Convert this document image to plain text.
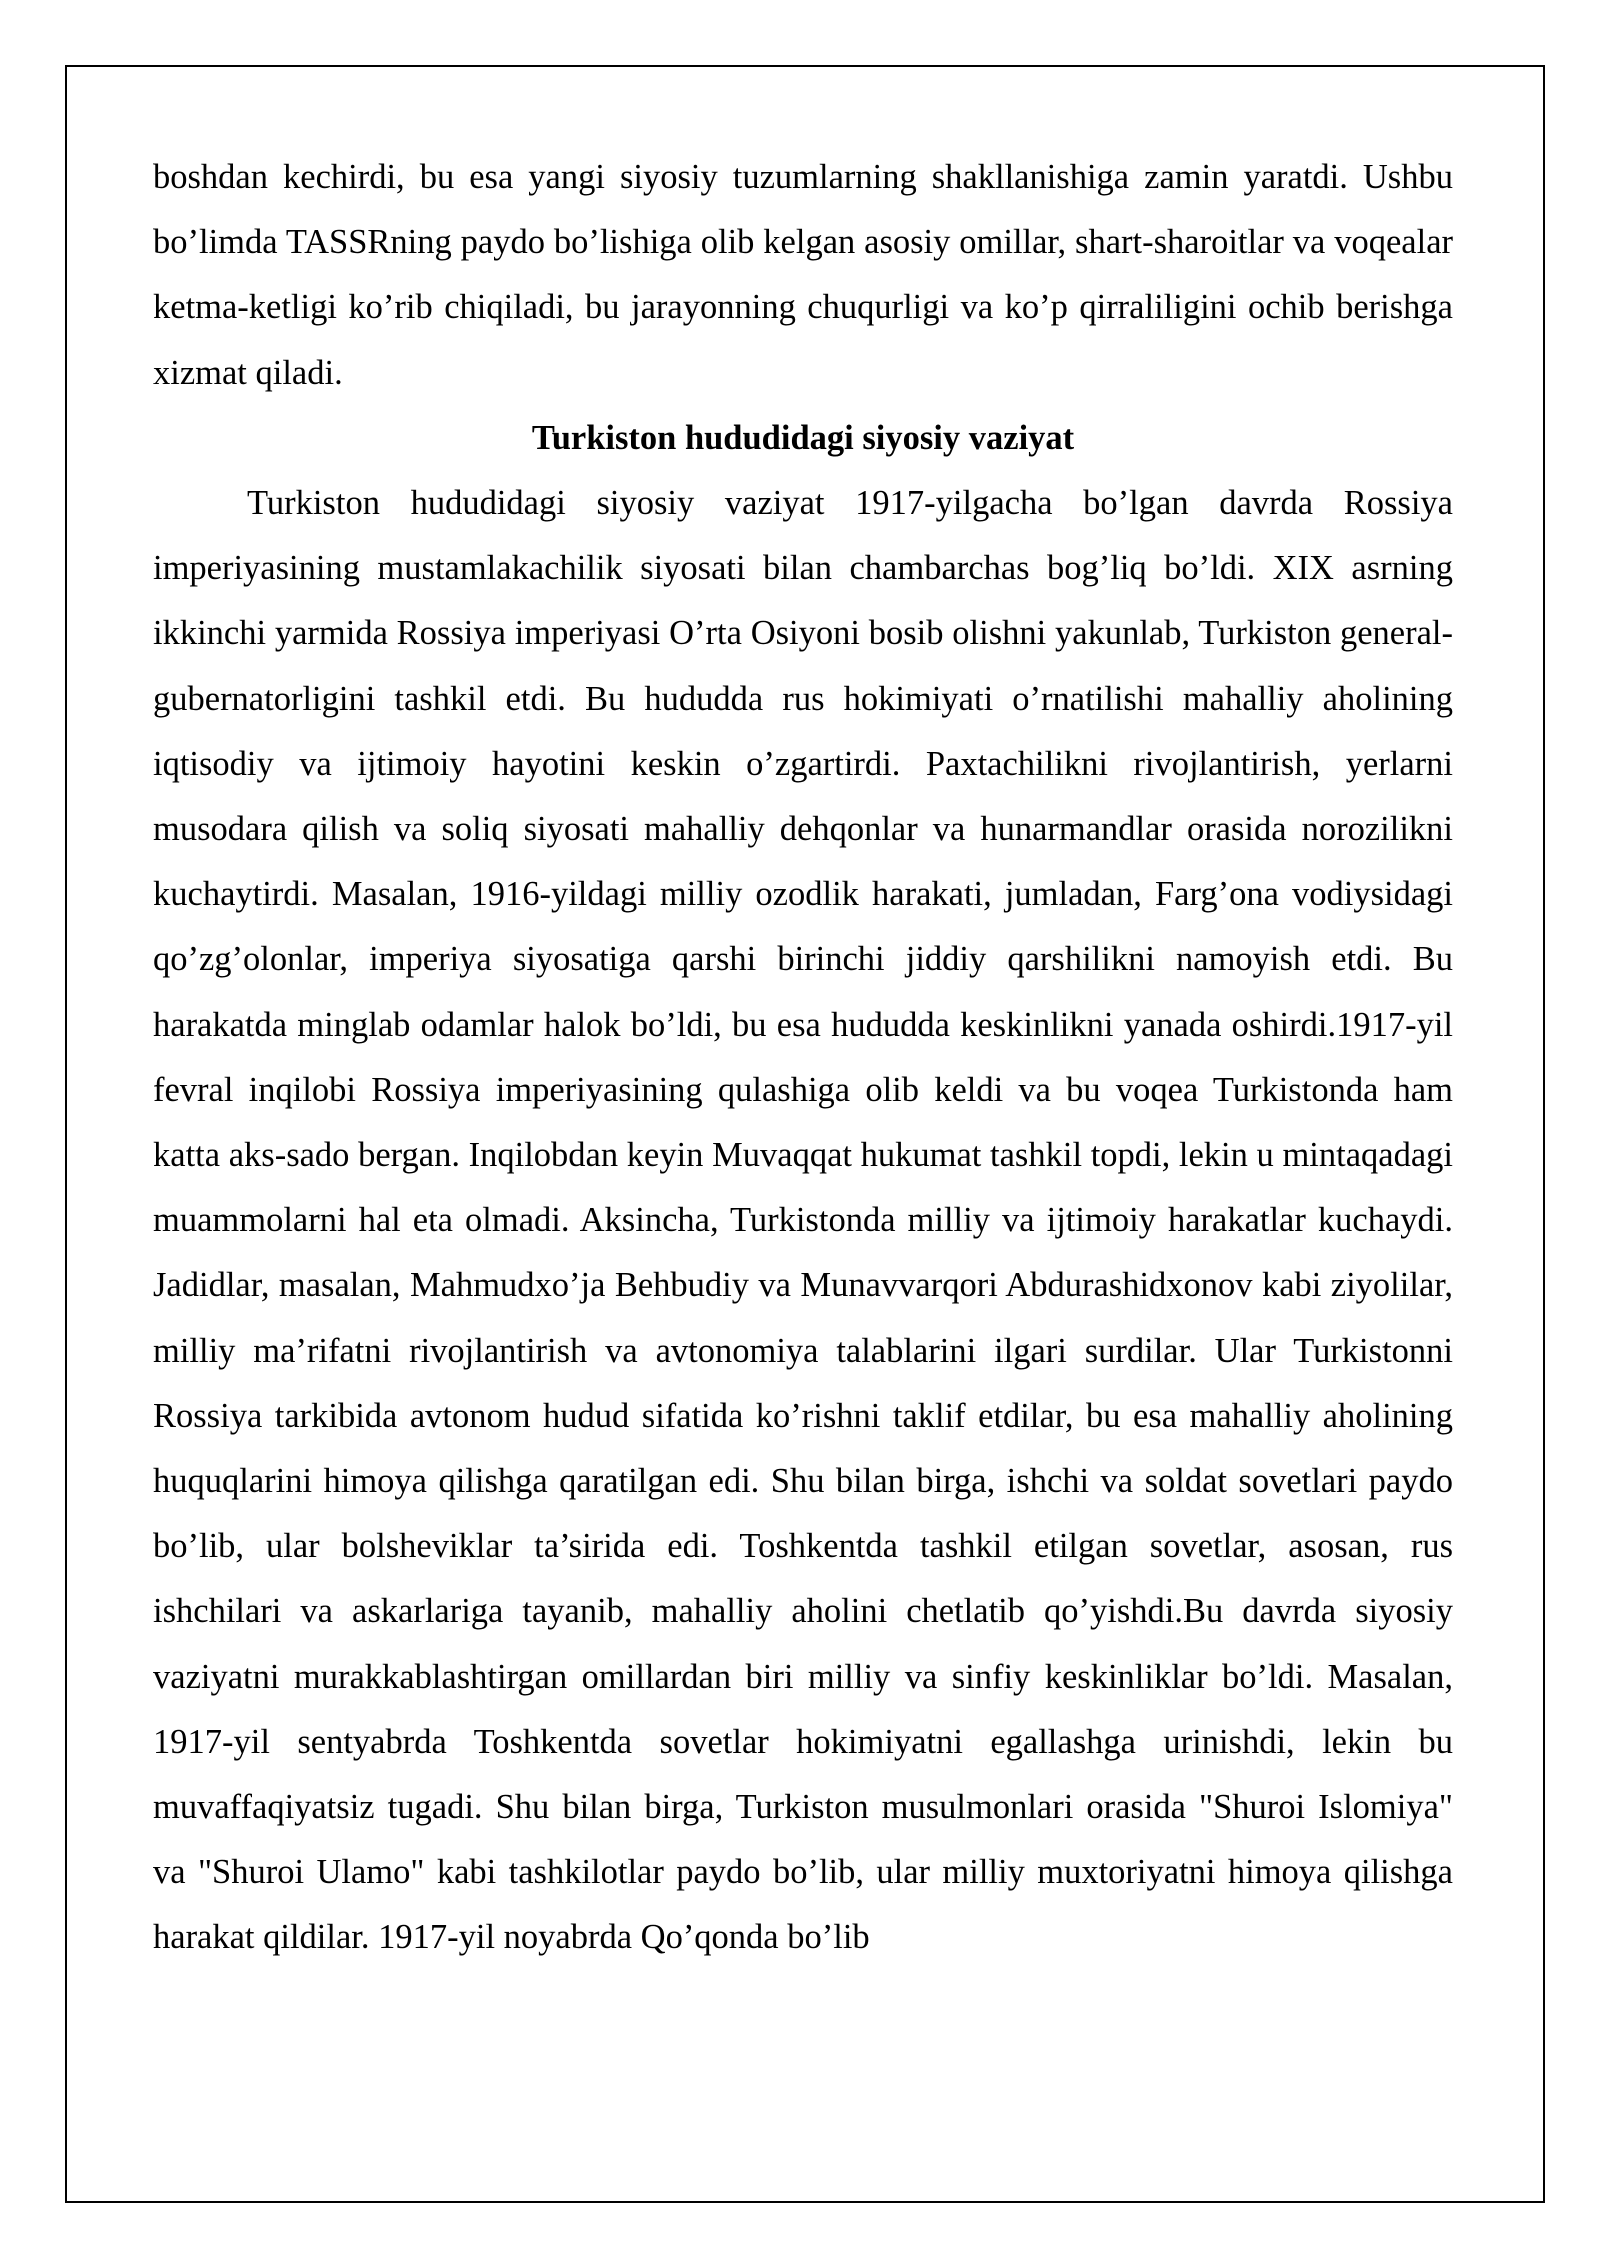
boshdan kechirdi, bu esa yangi siyosiy tuzumlarning shakllanishiga zamin yaratdi. Ushbu bo’limda TASSRning paydo bo’lishiga olib kelgan asosiy omillar, shart-sharoitlar va voqealar ketma-ketligi ko’rib chiqiladi, bu jarayonning chuqurligi va ko’p qirraliligini ochib berishga xizmat qiladi.

Turkiston hududidagi siyosiy vaziyat

Turkiston hududidagi siyosiy vaziyat 1917-yilgacha bo’lgan davrda Rossiya imperiyasining mustamlakachilik siyosati bilan chambarchas bog’liq bo’ldi. XIX asrning ikkinchi yarmida Rossiya imperiyasi O’rta Osiyoni bosib olishni yakunlab, Turkiston general-gubernatorligini tashkil etdi. Bu hududda rus hokimiyati o’rnatilishi mahalliy aholining iqtisodiy va ijtimoiy hayotini keskin o’zgartirdi. Paxtachilikni rivojlantirish, yerlarni musodara qilish va soliq siyosati mahalliy dehqonlar va hunarmandlar orasida norozilikni kuchaytirdi. Masalan, 1916-yildagi milliy ozodlik harakati, jumladan, Farg’ona vodiysidagi qo’zg’olonlar, imperiya siyosatiga qarshi birinchi jiddiy qarshilikni namoyish etdi. Bu harakatda minglab odamlar halok bo’ldi, bu esa hududda keskinlikni yanada oshirdi.1917-yil fevral inqilobi Rossiya imperiyasining qulashiga olib keldi va bu voqea Turkistonda ham katta aks-sado bergan. Inqilobdan keyin Muvaqqat hukumat tashkil topdi, lekin u mintaqadagi muammolarni hal eta olmadi. Aksincha, Turkistonda milliy va ijtimoiy harakatlar kuchaydi. Jadidlar, masalan, Mahmudxo’ja Behbudiy va Munavvarqori Abdurashidxonov kabi ziyolilar, milliy ma’rifatni rivojlantirish va avtonomiya talablarini ilgari surdilar. Ular Turkistonni Rossiya tarkibida avtonom hudud sifatida ko’rishni taklif etdilar, bu esa mahalliy aholining huquqlarini himoya qilishga qaratilgan edi. Shu bilan birga, ishchi va soldat sovetlari paydo bo’lib, ular bolsheviklar ta’sirida edi. Toshkentda tashkil etilgan sovetlar, asosan, rus ishchilari va askarlariga tayanib, mahalliy aholini chetlatib qo’yishdi.Bu davrda siyosiy vaziyatni murakkablashtirgan omillardan biri milliy va sinfiy keskinliklar bo’ldi. Masalan, 1917-yil sentyabrda Toshkentda sovetlar hokimiyatni egallashga urinishdi, lekin bu muvaffaqiyatsiz tugadi. Shu bilan birga, Turkiston musulmonlari orasida "Shuroi Islomiya" va "Shuroi Ulamo" kabi tashkilotlar paydo bo’lib, ular milliy muxtoriyatni himoya qilishga harakat qildilar. 1917-yil noyabrda Qo’qonda bo’lib
